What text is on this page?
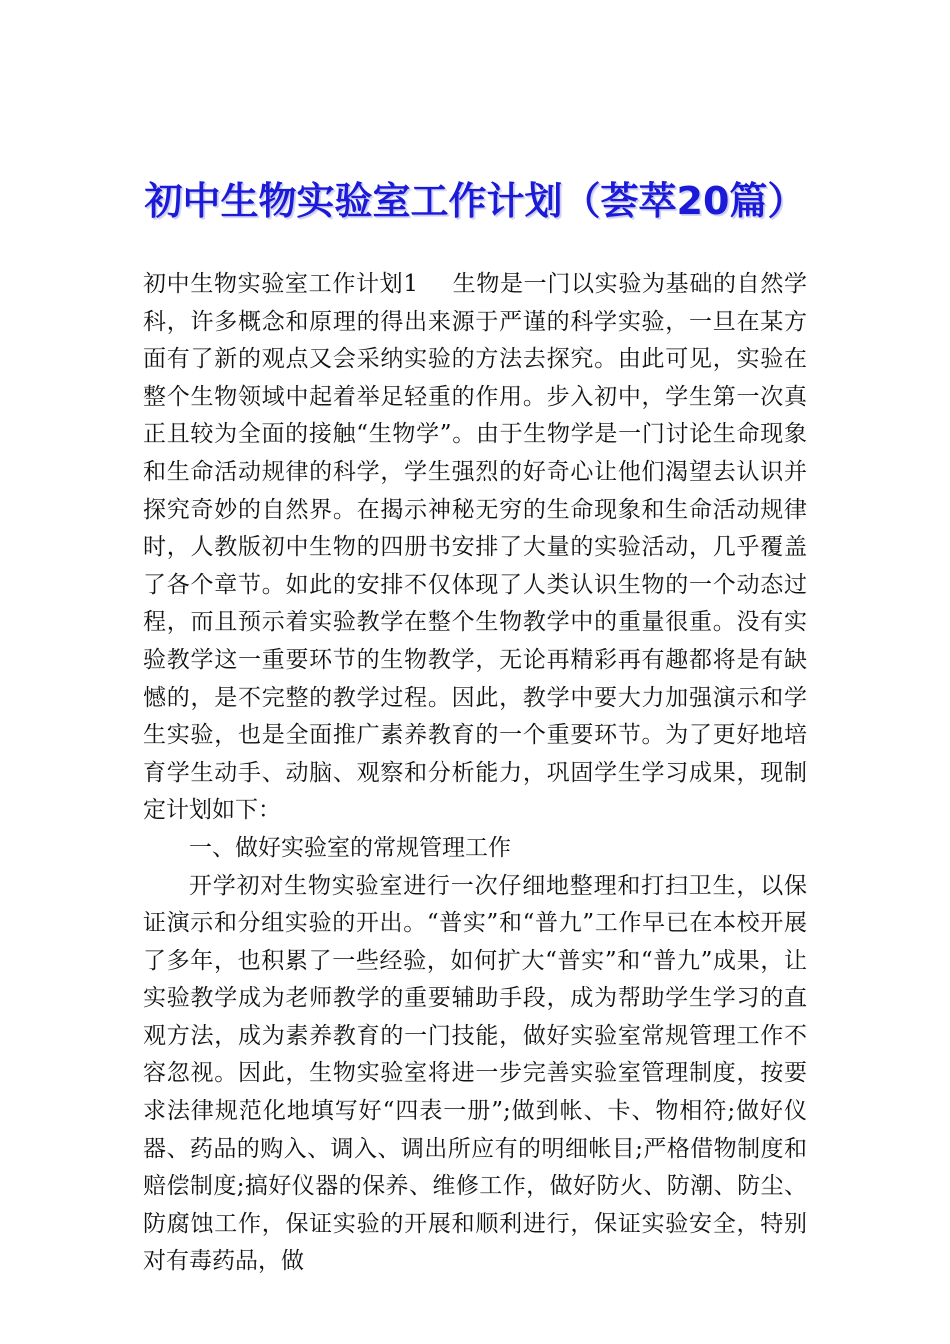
初中生物实验室工作计划（荟萃20篇）

初中生物实验室工作计划1 生物是一门以实验为基础的自然学科，许多概念和原理的得出来源于严谨的科学实验，一旦在某方面有了新的观点又会采纳实验的方法去探究。由此可见，实验在整个生物领域中起着举足轻重的作用。步入初中，学生第一次真正且较为全面的接触“生物学”。由于生物学是一门讨论生命现象和生命活动规律的科学，学生强烈的好奇心让他们渴望去认识并探究奇妙的自然界。在揭示神秘无穷的生命现象和生命活动规律时，人教版初中生物的四册书安排了大量的实验活动，几乎覆盖了各个章节。如此的安排不仅体现了人类认识生物的一个动态过程，而且预示着实验教学在整个生物教学中的重量很重。没有实验教学这一重要环节的生物教学，无论再精彩再有趣都将是有缺憾的，是不完整的教学过程。因此，教学中要大力加强演示和学生实验，也是全面推广素养教育的一个重要环节。为了更好地培育学生动手、动脑、观察和分析能力，巩固学生学习成果，现制定计划如下：

一、做好实验室的常规管理工作

开学初对生物实验室进行一次仔细地整理和打扫卫生，以保证演示和分组实验的开出。“普实”和“普九”工作早已在本校开展了多年，也积累了一些经验，如何扩大“普实”和“普九”成果，让实验教学成为老师教学的重要辅助手段，成为帮助学生学习的直观方法，成为素养教育的一门技能，做好实验室常规管理工作不容忽视。因此，生物实验室将进一步完善实验室管理制度，按要求法律规范化地填写好“四表一册”;做到帐、卡、物相符;做好仪器、药品的购入、调入、调出所应有的明细帐目;严格借物制度和赔偿制度;搞好仪器的保养、维修工作，做好防火、防潮、防尘、防腐蚀工作，保证实验的开展和顺利进行，保证实验安全，特别对有毒药品，做
